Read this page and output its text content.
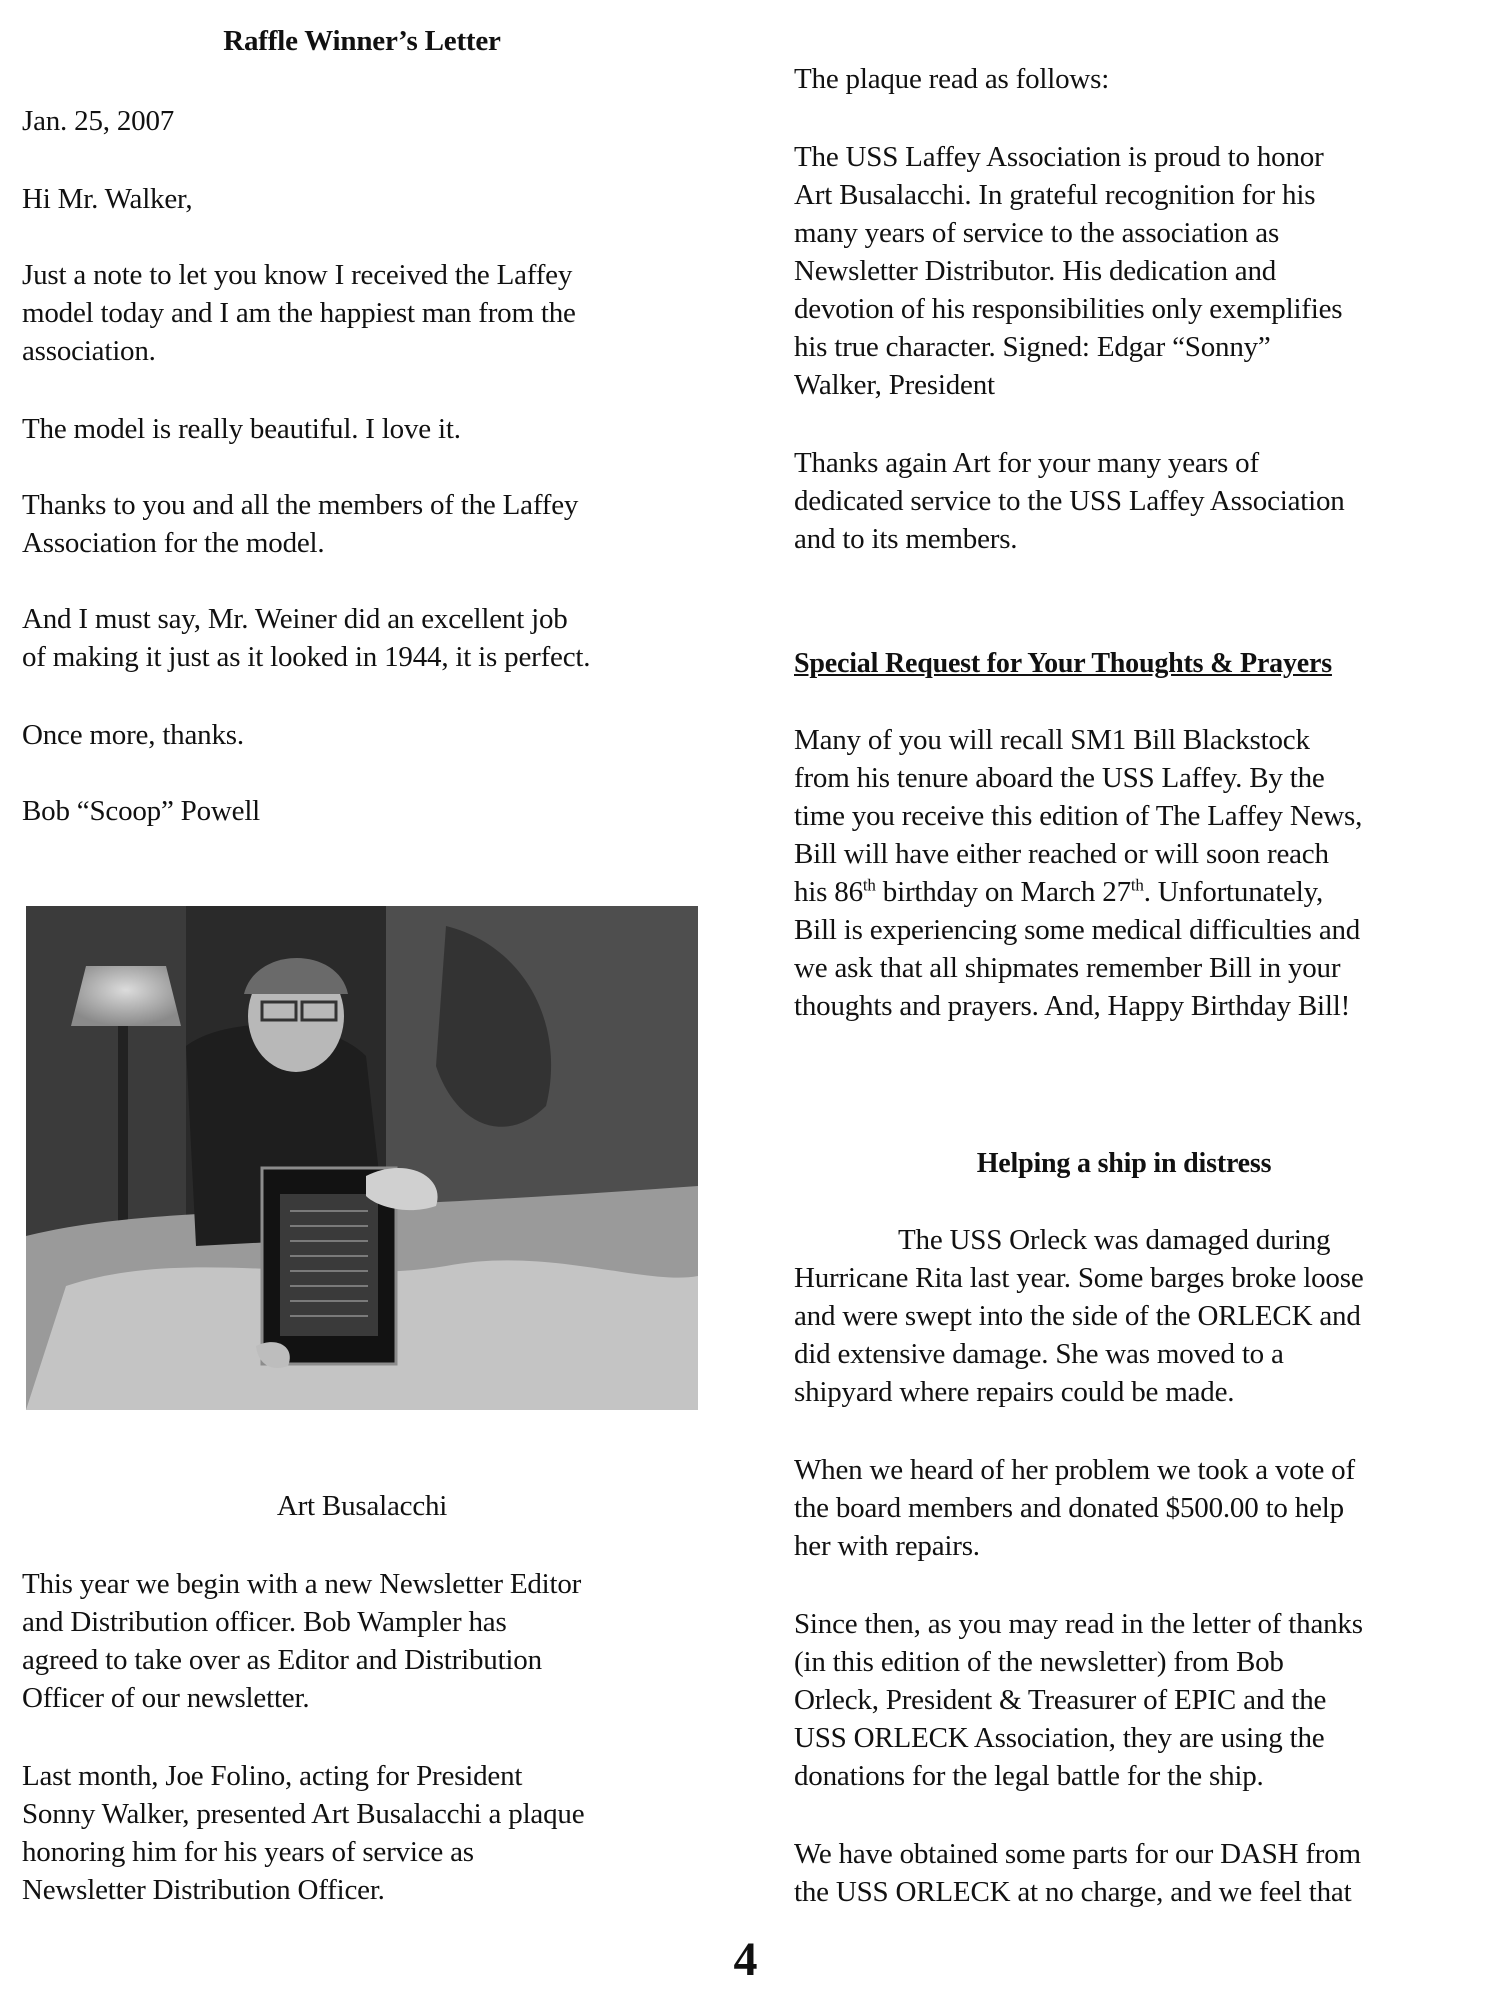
Raffle Winner’s Letter

Jan. 25, 2007

Hi Mr. Walker,

Just a note to let you know I received the Laffey

model today and I am the happiest man from the

association.

The model is really beautiful. I love it.

Thanks to you and all the members of the Laffey

Association for the model.

And I must say, Mr. Weiner did an excellent job

of making it just as it looked in 1944, it is perfect.

Once more, thanks.

Bob “Scoop” Powell

Art Busalacchi

This year we begin with a new Newsletter Editor

and Distribution officer. Bob Wampler has

agreed to take over as Editor and Distribution

Officer of our newsletter.

Last month, Joe Folino, acting for President

Sonny Walker, presented Art Busalacchi a plaque

honoring him for his years of service as

Newsletter Distribution Officer.

The plaque read as follows:

The USS Laffey Association is proud to honor

Art Busalacchi. In grateful recognition for his

many years of service to the association as

Newsletter Distributor. His dedication and

devotion of his responsibilities only exemplifies

his true character. Signed: Edgar “Sonny”

Walker, President

Thanks again Art for your many years of

dedicated service to the USS Laffey Association

and to its members.

Special Request for Your Thoughts & Prayers

Many of you will recall SM1 Bill Blackstock

from his tenure aboard the USS Laffey. By the

time you receive this edition of The Laffey News,

Bill will have either reached or will soon reach

his 86th birthday on March 27th. Unfortunately,

Bill is experiencing some medical difficulties and

we ask that all shipmates remember Bill in your

thoughts and prayers. And, Happy Birthday Bill!

Helping a ship in distress

The USS Orleck was damaged during

Hurricane Rita last year. Some barges broke loose

and were swept into the side of the ORLECK and

did extensive damage. She was moved to a

shipyard where repairs could be made.

When we heard of her problem we took a vote of

the board members and donated $500.00 to help

her with repairs.

Since then, as you may read in the letter of thanks

(in this edition of the newsletter) from Bob

Orleck, President & Treasurer of EPIC and the

USS ORLECK Association, they are using the

donations for the legal battle for the ship.

We have obtained some parts for our DASH from

the USS ORLECK at no charge, and we feel that

4
